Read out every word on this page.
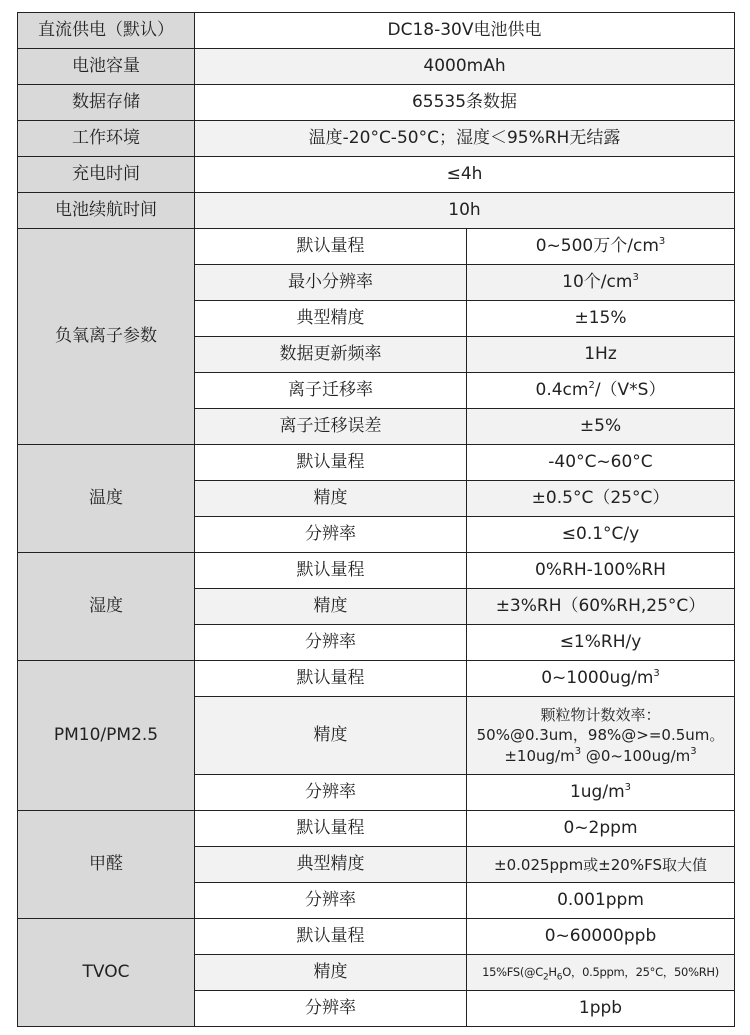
直流供电（默认）	DC18-30V电池供电	
电池容量	4000mAh	
数据存储	65535条数据	
工作环境	温度-20°C-50°C；湿度＜95%RH无结露	
充电时间	≤4h	
电池续航时间	10h	
负氧离子参数	默认量程	0~500万个$/cm^3$
	最小分辨率	10个$/cm^3$
	典型精度	±15%
	数据更新频率	1Hz
	离子迁移率	$0.4cm^2/(V*S)$
	离子迁移误差	±5%
温度	默认量程	-40°C~60°C
	精度	±0.5°C（25°C）
	分辨率	≤0.1°C/y
湿度	默认量程	0%RH-100%RH
	精度	±3%RH（60%RH,25°C）
	分辨率	≤1%RH/y
PM10/PM2.5	默认量程	$0\sim 1000ug/m^3$
	精度	颗粒物计数效率：
50%@0.3um，98%@>=0.5um。
$\pm 10ug/m^3$ $@0\sim 100ug/m^3$

	分辨率	$1ug/m^3$
甲醛	默认量程	0~2ppm
	典型精度	±0.025ppm或±20%FS取大值
	分辨率	0.001ppm
TVOC	默认量程	0~60000ppb
	精度	$15\%FS(@C_2H_6O$，0.5ppm，25°C，50%RH)
	分辨率	1ppb
